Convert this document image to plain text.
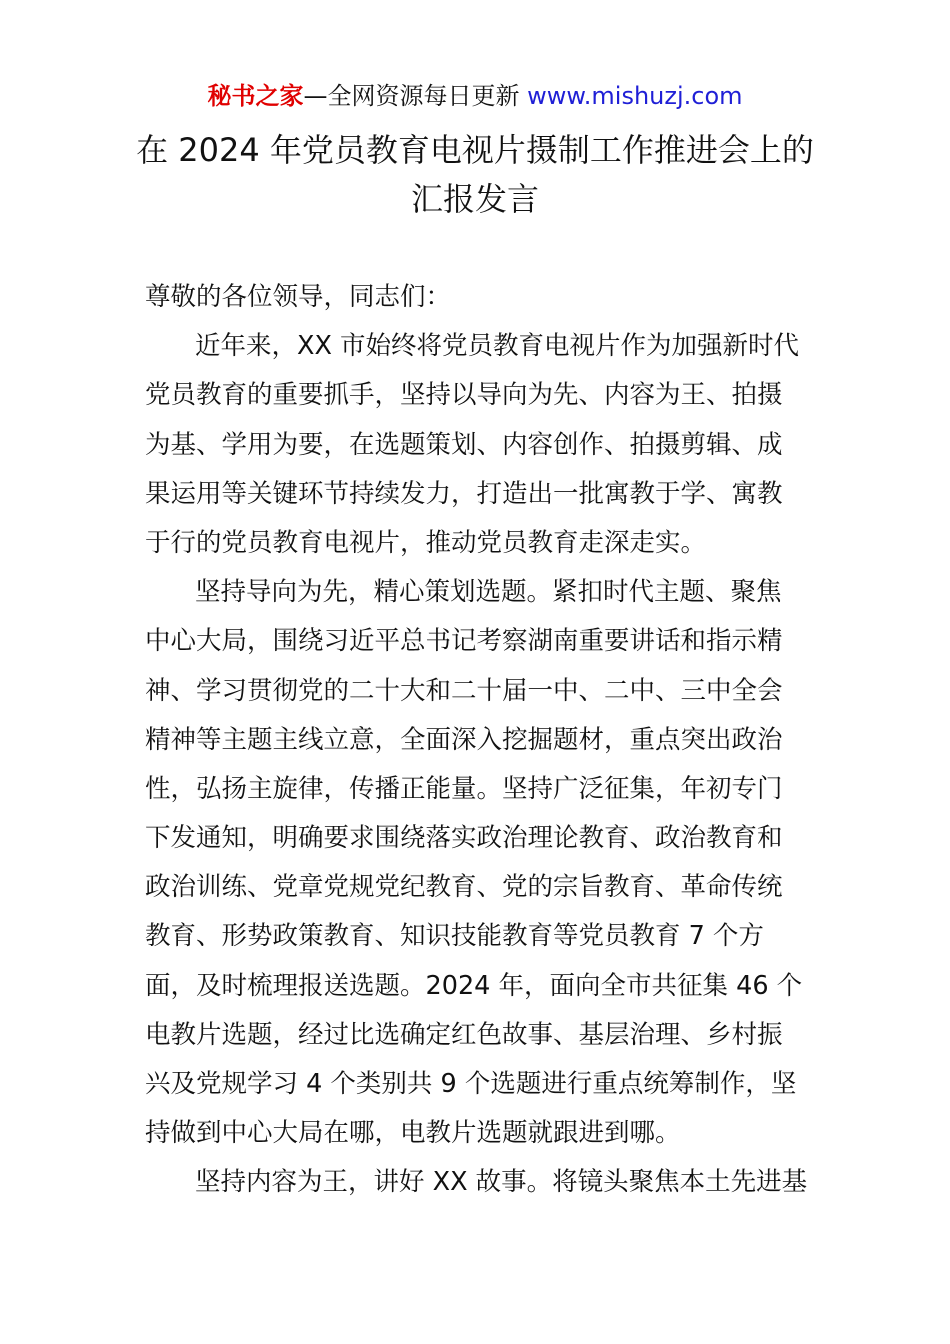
秘书之家—全网资源每日更新 www.mishuzj.com
在 2024 年党员教育电视片摄制工作推进会上的
汇报发言
尊敬的各位领导，同志们：
近年来，XX 市始终将党员教育电视片作为加强新时代
党员教育的重要抓手，坚持以导向为先、内容为王、拍摄
为基、学用为要，在选题策划、内容创作、拍摄剪辑、成
果运用等关键环节持续发力，打造出一批寓教于学、寓教
于行的党员教育电视片，推动党员教育走深走实。
坚持导向为先，精心策划选题。紧扣时代主题、聚焦
中心大局，围绕习近平总书记考察湖南重要讲话和指示精
神、学习贯彻党的二十大和二十届一中、二中、三中全会
精神等主题主线立意，全面深入挖掘题材，重点突出政治
性，弘扬主旋律，传播正能量。坚持广泛征集，年初专门
下发通知，明确要求围绕落实政治理论教育、政治教育和
政治训练、党章党规党纪教育、党的宗旨教育、革命传统
教育、形势政策教育、知识技能教育等党员教育 7 个方
面，及时梳理报送选题。2024 年，面向全市共征集 46 个
电教片选题，经过比选确定红色故事、基层治理、乡村振
兴及党规学习 4 个类别共 9 个选题进行重点统筹制作，坚
持做到中心大局在哪，电教片选题就跟进到哪。
坚持内容为王，讲好 XX 故事。将镜头聚焦本土先进基
